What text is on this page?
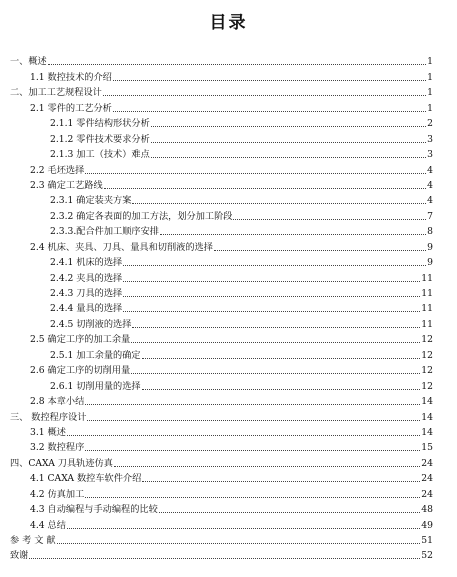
目录
一、概述	1
1.1 数控技术的介绍	1
二、加工工艺规程设计	1
2.1 零件的工艺分析	1
2.1.1 零件结构形状分析	2
2.1.2 零件技术要求分析	3
2.1.3 加工（技术）难点	3
2.2 毛坯选择	4
2.3 确定工艺路线	4
2.3.1 确定装夹方案	4
2.3.2 确定各表面的加工方法，划分加工阶段	7
2.3.3.配合件加工顺序安排	8
2.4 机床、夹具、刀具、量具和切削液的选择	9
2.4.1 机床的选择	9
2.4.2 夹具的选择	11
2.4.3 刀具的选择	11
2.4.4 量具的选择	11
2.4.5 切削液的选择	11
2.5 确定工序的加工余量	12
2.5.1 加工余量的确定	12
2.6 确定工序的切削用量	12
2.6.1 切削用量的选择	12
2.8 本章小结	14
三、 数控程序设计	14
3.1 概述	14
3.2 数控程序	15
四、CAXA 刀具轨迹仿真	24
4.1 CAXA 数控车软件介绍	24
4.2 仿真加工	24
4.3 自动编程与手动编程的比较	48
4.4 总结	49
参 考 文 献	51
致谢	52
